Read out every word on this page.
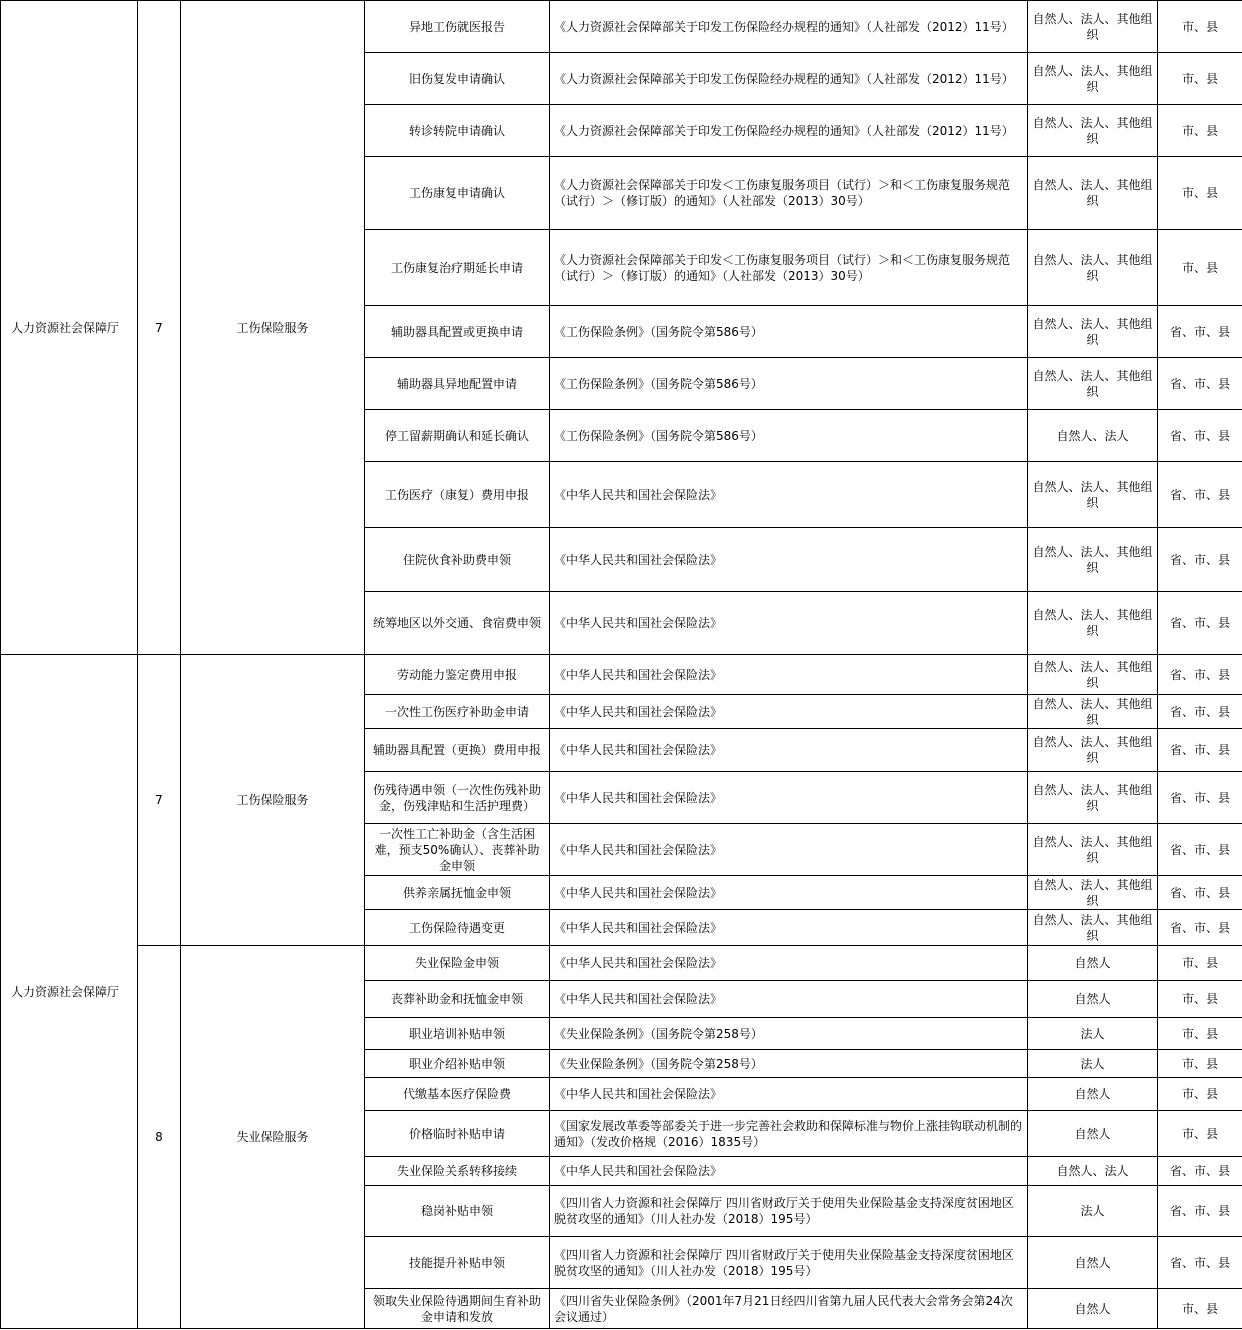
人力资源社会保障厅	7	工伤保险服务	异地工伤就医报告	《人力资源社会保障部关于印发工伤保险经办规程的通知》（人社部发（2012）11号）	自然人、法人、其他组织	市、县
			旧伤复发申请确认	《人力资源社会保障部关于印发工伤保险经办规程的通知》（人社部发（2012）11号）	自然人、法人、其他组织	市、县
			转诊转院申请确认	《人力资源社会保障部关于印发工伤保险经办规程的通知》（人社部发（2012）11号）	自然人、法人、其他组织	市、县
			工伤康复申请确认	《人力资源社会保障部关于印发＜工伤康复服务项目（试行）＞和＜工伤康复服务规范（试行）＞（修订版）的通知》（人社部发（2013）30号）	自然人、法人、其他组织	市、县
			工伤康复治疗期延长申请	《人力资源社会保障部关于印发＜工伤康复服务项目（试行）＞和＜工伤康复服务规范（试行）＞（修订版）的通知》（人社部发（2013）30号）	自然人、法人、其他组织	市、县
			辅助器具配置或更换申请	《工伤保险条例》（国务院令第586号）	自然人、法人、其他组织	省、市、县
			辅助器具异地配置申请	《工伤保险条例》（国务院令第586号）	自然人、法人、其他组织	省、市、县
			停工留薪期确认和延长确认	《工伤保险条例》（国务院令第586号）	自然人、法人	省、市、县
			工伤医疗（康复）费用申报	《中华人民共和国社会保险法》	自然人、法人、其他组织	省、市、县
			住院伙食补助费申领	《中华人民共和国社会保险法》	自然人、法人、其他组织	省、市、县
			统筹地区以外交通、食宿费申领	《中华人民共和国社会保险法》	自然人、法人、其他组织	省、市、县
人力资源社会保障厅	7	工伤保险服务	劳动能力鉴定费用申报	《中华人民共和国社会保险法》	自然人、法人、其他组织	省、市、县
			一次性工伤医疗补助金申请	《中华人民共和国社会保险法》	自然人、法人、其他组织	省、市、县
			辅助器具配置（更换）费用申报	《中华人民共和国社会保险法》	自然人、法人、其他组织	省、市、县
			伤残待遇申领（一次性伤残补助金，伤残津贴和生活护理费）	《中华人民共和国社会保险法》	自然人、法人、其他组织	省、市、县
			一次性工亡补助金（含生活困难，预支50%确认）、丧葬补助金申领	《中华人民共和国社会保险法》	自然人、法人、其他组织	省、市、县
			供养亲属抚恤金申领	《中华人民共和国社会保险法》	自然人、法人、其他组织	省、市、县
			工伤保险待遇变更	《中华人民共和国社会保险法》	自然人、法人、其他组织	省、市、县
	8	失业保险服务	失业保险金申领	《中华人民共和国社会保险法》	自然人	市、县
			丧葬补助金和抚恤金申领	《中华人民共和国社会保险法》	自然人	市、县
			职业培训补贴申领	《失业保险条例》（国务院令第258号）	法人	市、县
			职业介绍补贴申领	《失业保险条例》（国务院令第258号）	法人	市、县
			代缴基本医疗保险费	《中华人民共和国社会保险法》	自然人	市、县
			价格临时补贴申请	《国家发展改革委等部委关于进一步完善社会救助和保障标准与物价上涨挂钩联动机制的通知》（发改价格规（2016）1835号）	自然人	市、县
			失业保险关系转移接续	《中华人民共和国社会保险法》	自然人、法人	省、市、县
			稳岗补贴申领	《四川省人力资源和社会保障厅 四川省财政厅关于使用失业保险基金支持深度贫困地区脱贫攻坚的通知》（川人社办发（2018）195号）	法人	省、市、县
			技能提升补贴申领	《四川省人力资源和社会保障厅 四川省财政厅关于使用失业保险基金支持深度贫困地区脱贫攻坚的通知》（川人社办发（2018）195号）	自然人	省、市、县
			领取失业保险待遇期间生育补助金申请和发放	《四川省失业保险条例》（2001年7月21日经四川省第九届人民代表大会常务会第24次会议通过）	自然人	市、县
